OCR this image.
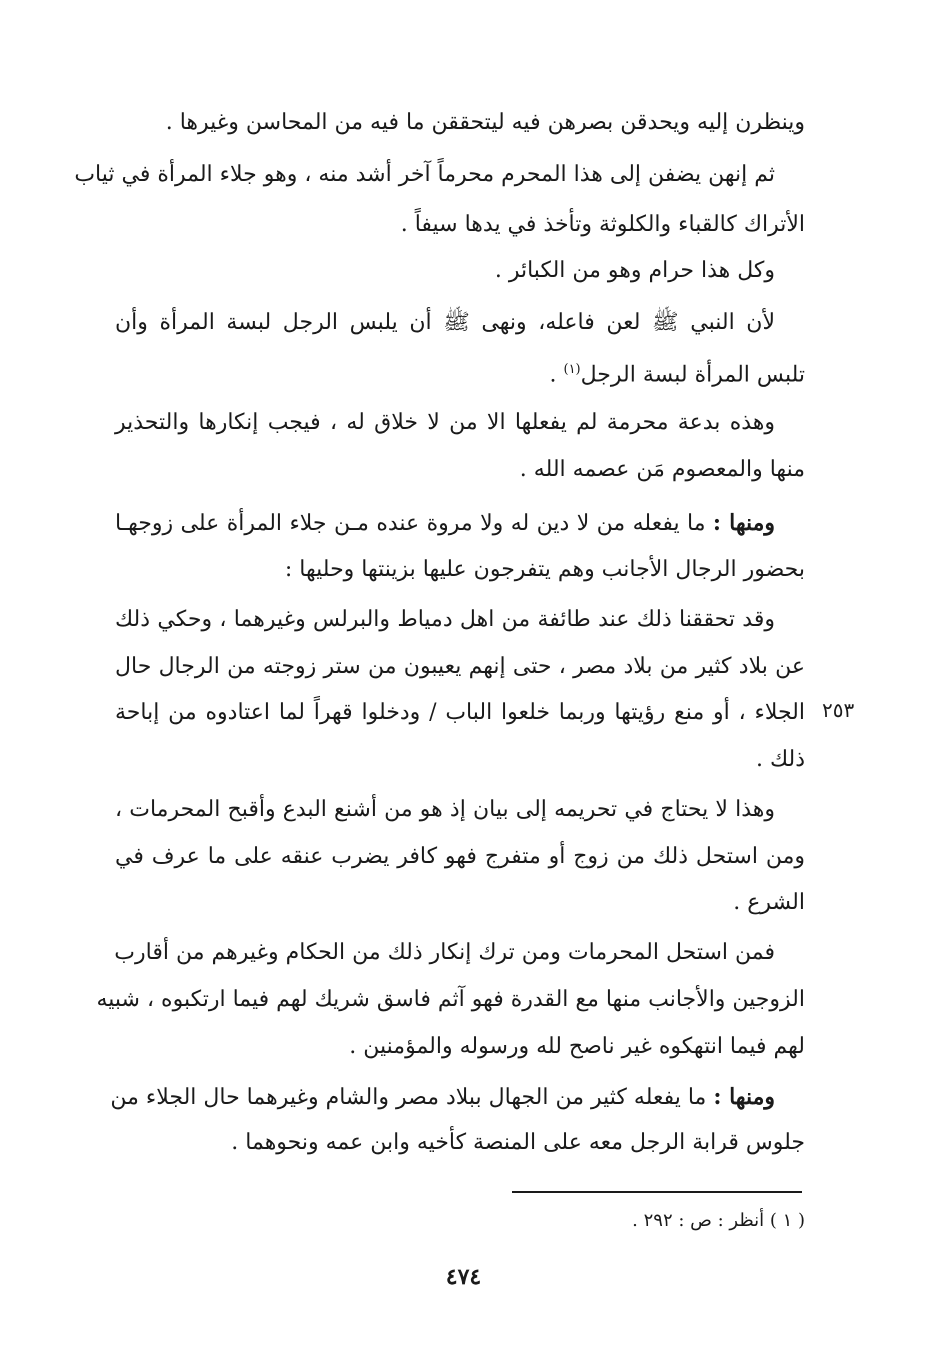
وينظرن إليه ويحدقن بصرهن فيه ليتحققن ما فيه من المحاسن وغيرها .
ثم إنهن يضفن إلى هذا المحرم محرماً آخر أشد منه ، وهو جلاء المرأة في ثياب
الأتراك كالقباء والكلوثة وتأخذ في يدها سيفاً .
وكل هذا حرام وهو من الكبائر .
لأن النبي ﷺ لعن فاعله، ونهى ﷺ أن يلبس الرجل لبسة المرأة وأن
تلبس المرأة لبسة الرجل$^{(١)}$ .
وهذه بدعة محرمة لم يفعلها الا من لا خلاق له ، فيجب إنكارها والتحذير
منها والمعصوم مَن عصمه الله .
ومنها : ما يفعله من لا دين له ولا مروة عنده مـن جلاء المرأة على زوجهـا
بحضور الرجال الأجانب وهم يتفرجون عليها بزينتها وحليها :
وقد تحققنا ذلك عند طائفة من اهل دمياط والبرلس وغيرهما ، وحكي ذلك
عن بلاد كثير من بلاد مصر ، حتى إنهم يعيبون من ستر زوجته من الرجال حال
الجلاء ، أو منع رؤيتها وربما خلعوا الباب / ودخلوا قهراً لما اعتادوه من إباحة
ذلك .
٢٥٣
وهذا لا يحتاج في تحريمه إلى بيان إذ هو من أشنع البدع وأقبح المحرمات ،
ومن استحل ذلك من زوج أو متفرج فهو كافر يضرب عنقه على ما عرف في
الشرع .
فمن استحل المحرمات ومن ترك إنكار ذلك من الحكام وغيرهم من أقارب
الزوجين والأجانب منها مع القدرة فهو آثم فاسق شريك لهم فيما ارتكبوه ، شبيه
لهم فيما انتهكوه غير ناصح لله ورسوله والمؤمنين .
ومنها : ما يفعله كثير من الجهال ببلاد مصر والشام وغيرهما حال الجلاء من
جلوس قرابة الرجل معه على المنصة كأخيه وابن عمه ونحوهما .
( ١ ) أنظر : ص : ٢٩٢ .
٤٧٤
